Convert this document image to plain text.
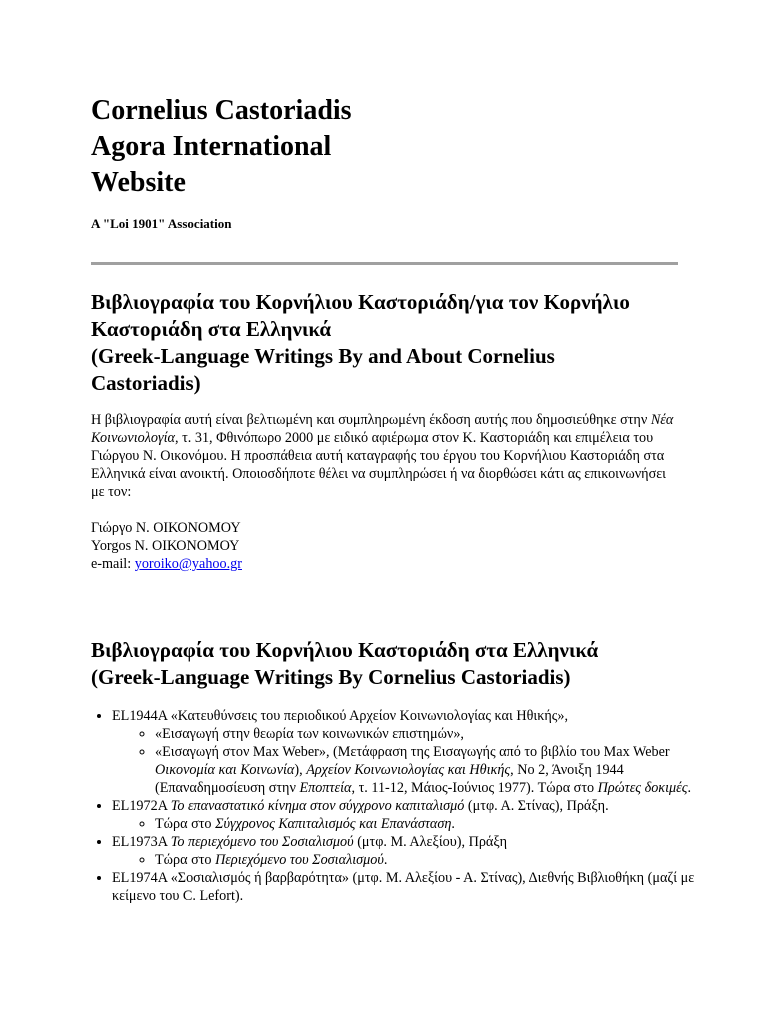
Cornelius Castoriadis
Agora International
Website
A "Loi 1901" Association
Βιβλιογραφία του Κορνήλιου Καστοριάδη/για τον Κορνήλιο
Καστοριάδη στα Ελληνικά
(Greek-Language Writings By and About Cornelius
Castoriadis)
Η βιβλιογραφία αυτή είναι βελτιωμένη και συμπληρωμένη έκδοση αυτής που δημοσιεύθηκε στην Νέα Κοινωνιολογία, τ. 31, Φθινόπωρο 2000 με ειδικό αφιέρωμα στον Κ. Καστοριάδη και επιμέλεια του Γιώργου Ν. Οικονόμου. Η προσπάθεια αυτή καταγραφής του έργου του Κορνήλιου Καστοριάδη στα Ελληνικά είναι ανοικτή. Οποιοσδήποτε θέλει να συμπληρώσει ή να διορθώσει κάτι ας επικοινωνήσει με τον:
Γιώργο Ν. ΟΙΚΟΝΟΜΟΥ
Yorgos N. ΟΙΚΟΝΟΜΟΥ
e-mail: yoroiko@yahoo.gr
Βιβλιογραφία του Κορνήλιου Καστοριάδη στα Ελληνικά
(Greek-Language Writings By Cornelius Castoriadis)
• EL1944A «Κατευθύνσεις του περιοδικού Αρχείον Κοινωνιολογίας και Ηθικής»,
◦ «Εισαγωγή στην θεωρία των κοινωνικών επιστημών»,
◦ «Εισαγωγή στον Max Weber», (Μετάφραση της Εισαγωγής από το βιβλίο του Max Weber Οικονομία και Κοινωνία), Αρχείον Κοινωνιολογίας και Ηθικής, Νο 2, Άνοιξη 1944 (Επαναδημοσίευση στην Εποπτεία, τ. 11-12, Μάιος-Ιούνιος 1977). Τώρα στο Πρώτες δοκιμές.
• EL1972A Το επαναστατικό κίνημα στον σύγχρονο καπιταλισμό (μτφ. Α. Στίνας), Πράξη.
◦ Τώρα στο Σύγχρονος Καπιταλισμός και Επανάσταση.
• EL1973A Το περιεχόμενο του Σοσιαλισμού (μτφ. Μ. Αλεξίου), Πράξη
◦ Τώρα στο Περιεχόμενο του Σοσιαλισμού.
• EL1974A «Σοσιαλισμός ή βαρβαρότητα» (μτφ. Μ. Αλεξίου - Α. Στίνας), Διεθνής Βιβλιοθήκη (μαζί με κείμενο του C. Lefort).
